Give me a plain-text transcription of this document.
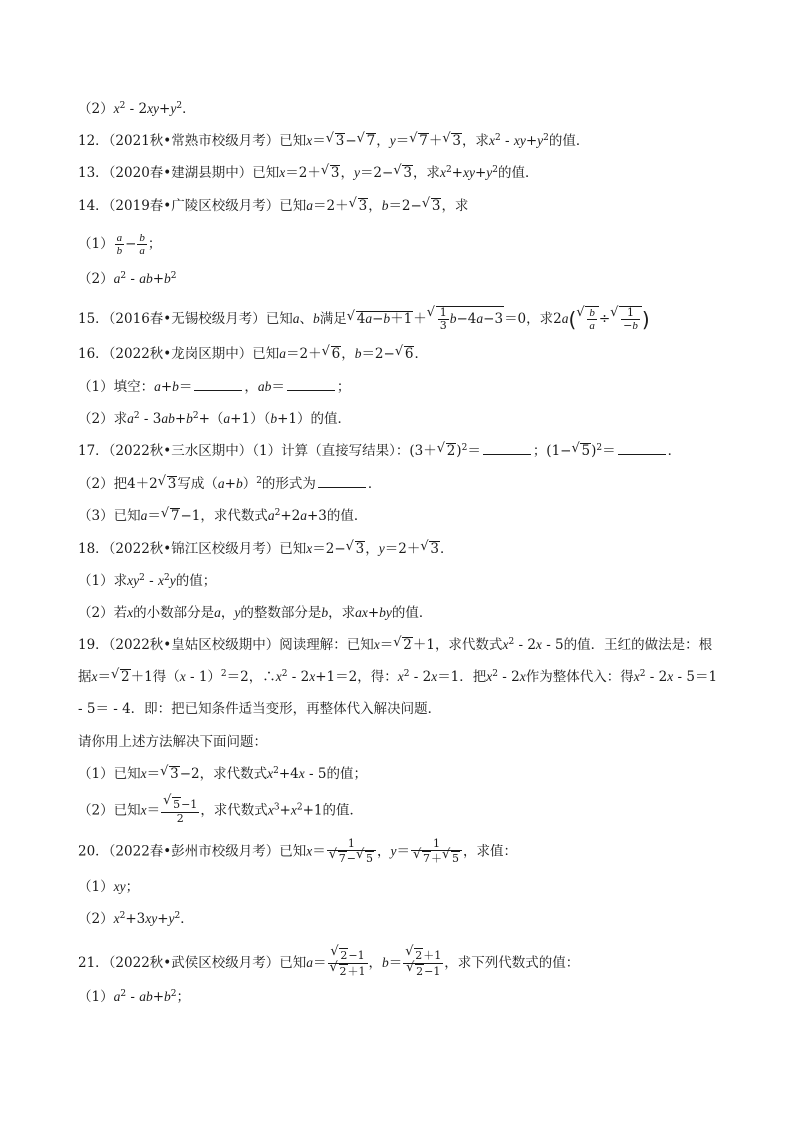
$(2)x^2 - 2xy+y^2$．
12．（2021秋•常熟市校级月考）已知x＝ √ 3− √ 7，y＝ √ 7＋ √ 3，求$x^2 - xy+y^2$的值．
13．（2020春•建湖县期中）已知x＝2＋ √ 3，y＝2− √ 3，求$x^2+xy+y^2$的值．
14．（2019春•广陵区校级月考）已知a＝2＋ √ 3，b＝2− √ 3，求
$(1) \frac{a}{b} - \frac{b}{a}$ ；
$(2)a^2 - ab+b^2$
15．（2016春•无锡校级月考）已知a、b满足 √ 4a−b＋1＋ √ $\frac{1}{3} b-4a-3=0$，求2a( √ $\frac{b}{a}$ ÷ √ $\frac{1}{-b}$ )
16．（2022秋•龙岗区期中）已知a＝2＋ √ 6，b＝2− √ 6．
（1）填空：a+b＝	，ab＝	；
（2）求$a^2 - 3ab+b^2+(a+1)(b+1)$的值．
17．（2022秋•三水区期中）（1）计算（直接写结果）：(3＋ √ 2)$^2$＝	；(1− √ 5)$^2$＝	．
（2）把4＋2 √ 3写成$(a+b)^2$的形式为	．
（3）已知a＝ √ 7−1，求代数式$a^2+2a+3$的值．
18．（2022秋•锦江区校级月考）已知x＝2− √ 3，y＝2＋ √ 3．
（1）求$xy^2 - x^2y$的值；
（2）若x的小数部分是a，y的整数部分是b，求ax+by的值．
19．（2022秋•皇姑区校级期中）阅读理解：已知x＝ √ 2＋1，求代数式$x^2 - 2x - 5$的值．王红的做法是：根
据x＝ √ 2＋1得（x - 1）$^2$＝2，$\therefore x^2 - 2x+1=2$，得：$x^2 - 2x=1$．把$x^2 - 2x$作为整体代入：得$x^2 - 2x - 5=1$
- 5＝ - 4．即：把已知条件适当变形，再整体代入解决问题．
请你用上述方法解决下面问题：
（1）已知x＝ √ 3−2，求代数式$x^2+4x - 5$的值；
（2）已知x＝ √ $\frac{5-1}{2}$ ，求代数式$x^3+x^2+1$的值．
20．（2022春•彭州市校级月考）已知x＝ 1
√ 7− √ 5 ，y＝ 1
√ 7＋ √ 5 ，求值：
（1）xy；
$(2)x^2+3xy+y^2$．
21．（2022秋•武侯区校级月考）已知a＝ √ 2−1
√ 2＋1 ，b＝ √ 2＋1
√ 2−1 ，求下列代数式的值：
$(1)a^2 - ab+b^2$；
